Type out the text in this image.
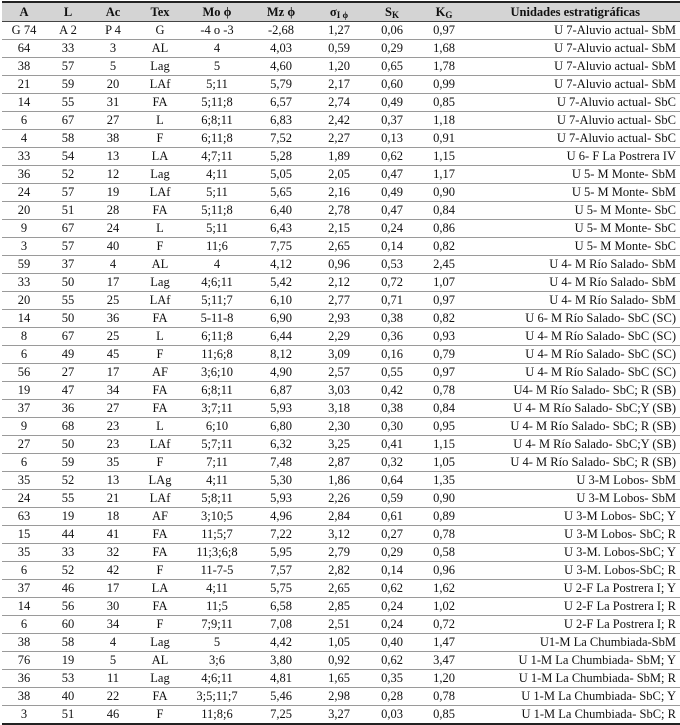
A	L	Ac	Tex	Mo ϕ	Mz ϕ	$\sigma_{I \phi}$	$S_K$	$K_G$	Unidades estratigráficas
G 74	A 2	P 4	G	-4 o -3	-2,68	1,27	0,06	0,97	U 7-Aluvio actual- SbM
64	33	3	AL	4	4,03	0,59	0,29	1,68	U 7-Aluvio actual- SbM
38	57	5	Lag	5	4,60	1,20	0,65	1,78	U 7-Aluvio actual- SbM
21	59	20	LAf	5;11	5,79	2,17	0,60	0,99	U 7-Aluvio actual- SbM
14	55	31	FA	5;11;8	6,57	2,74	0,49	0,85	U 7-Aluvio actual- SbC
6	67	27	L	6;8;11	6,83	2,42	0,37	1,18	U 7-Aluvio actual- SbC
4	58	38	F	6;11;8	7,52	2,27	0,13	0,91	U 7-Aluvio actual- SbC
33	54	13	LA	4;7;11	5,28	1,89	0,62	1,15	U 6- F La Postrera IV
36	52	12	Lag	4;11	5,05	2,05	0,47	1,17	U 5- M Monte- SbM
24	57	19	LAf	5;11	5,65	2,16	0,49	0,90	U 5- M Monte- SbM
20	51	28	FA	5;11;8	6,40	2,78	0,47	0,84	U 5- M Monte- SbC
9	67	24	L	5;11	6,43	2,15	0,24	0,86	U 5- M Monte- SbC
3	57	40	F	11;6	7,75	2,65	0,14	0,82	U 5- M Monte- SbC
59	37	4	AL	4	4,12	0,96	0,53	2,45	U 4- M Río Salado- SbM
33	50	17	Lag	4;6;11	5,42	2,12	0,72	1,07	U 4- M Río Salado- SbM
20	55	25	LAf	5;11;7	6,10	2,77	0,71	0,97	U 4- M Río Salado- SbM
14	50	36	FA	5-11-8	6,90	2,93	0,38	0,82	U 6- M Río Salado- SbC (SC)
8	67	25	L	6;11;8	6,44	2,29	0,36	0,93	U 4- M Río Salado- SbC (SC)
6	49	45	F	11;6;8	8,12	3,09	0,16	0,79	U 4- M Río Salado- SbC (SC)
56	27	17	AF	3;6;10	4,90	2,57	0,55	0,97	U 4- M Río Salado- SbC (SC)
19	47	34	FA	6;8;11	6,87	3,03	0,42	0,78	U4- M Río Salado- SbC; R (SB)
37	36	27	FA	3;7;11	5,93	3,18	0,38	0,84	U 4- M Río Salado- SbC;Y (SB)
9	68	23	L	6;10	6,80	2,30	0,30	0,95	U 4- M Río Salado- SbC; R (SB)
27	50	23	LAf	5;7;11	6,32	3,25	0,41	1,15	U 4- M Río Salado- SbC;Y (SB)
6	59	35	F	7;11	7,48	2,87	0,32	1,05	U 4- M Río Salado- SbC; R (SB)
35	52	13	LAg	4;11	5,30	1,86	0,64	1,35	U 3-M Lobos- SbM
24	55	21	LAf	5;8;11	5,93	2,26	0,59	0,90	U 3-M Lobos- SbM
63	19	18	AF	3;10;5	4,96	2,84	0,61	0,89	U 3-M Lobos- SbC; Y
15	44	41	FA	11;5;7	7,22	3,12	0,27	0,78	U 3-M Lobos- SbC; R
35	33	32	FA	11;3;6;8	5,95	2,79	0,29	0,58	U 3-M. Lobos-SbC; Y
6	52	42	F	11-7-5	7,57	2,82	0,14	0,96	U 3-M. Lobos-SbC; R
37	46	17	LA	4;11	5,75	2,65	0,62	1,62	U 2-F La Postrera I; Y
14	56	30	FA	11;5	6,58	2,85	0,24	1,02	U 2-F La Postrera I; R
6	60	34	F	7;9;11	7,08	2,51	0,24	0,72	U 2-F La Postrera I; R
38	58	4	Lag	5	4,42	1,05	0,40	1,47	U1-M La Chumbiada-SbM
76	19	5	AL	3;6	3,80	0,92	0,62	3,47	U 1-M La Chumbiada- SbM; Y
36	53	11	Lag	4;6;11	4,81	1,65	0,35	1,20	U 1-M La Chumbiada- SbM; R
38	40	22	FA	3;5;11;7	5,46	2,98	0,28	0,78	U 1-M La Chumbiada- SbC; Y
3	51	46	F	11;8;6	7,25	3,27	0,03	0,85	U 1-M La Chumbiada- SbC; R
